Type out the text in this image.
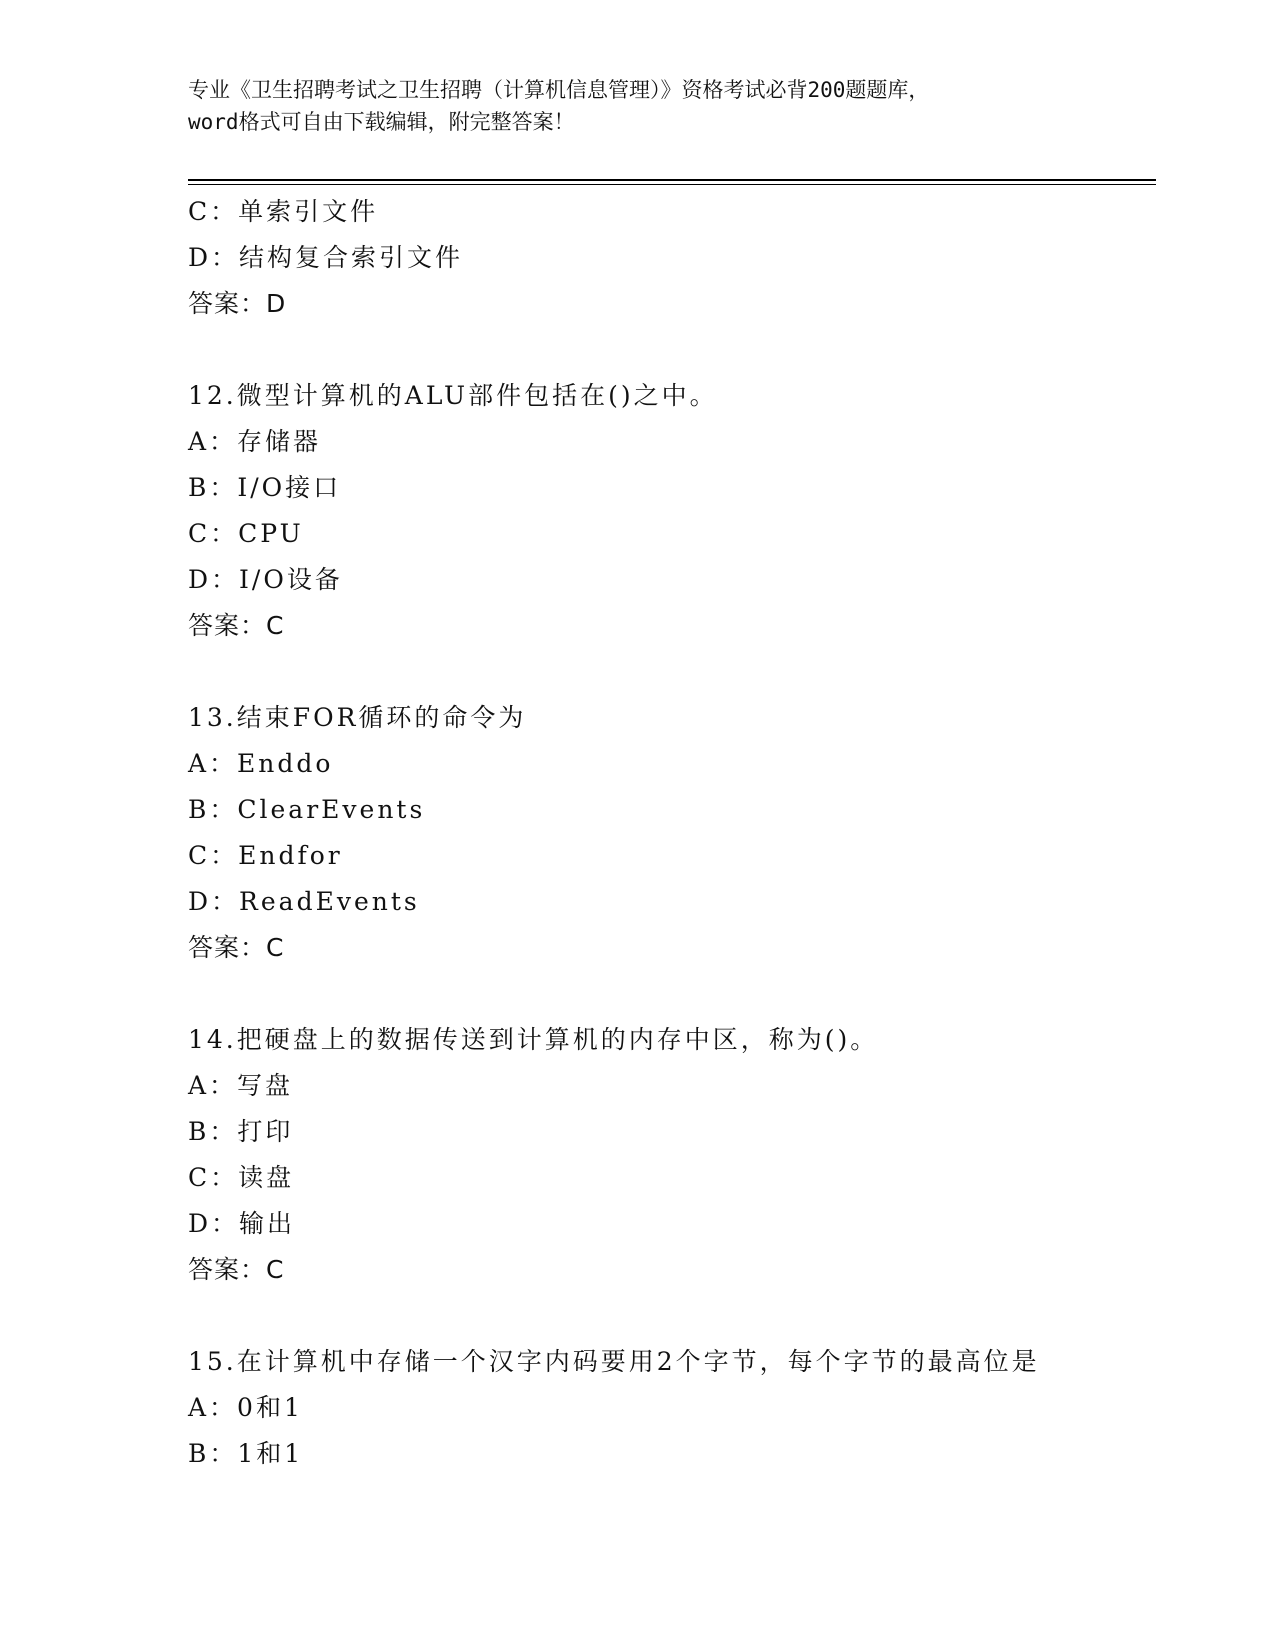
专业《卫生招聘考试之卫生招聘（计算机信息管理）》资格考试必背200题题库，
word格式可自由下载编辑，附完整答案！
C：单索引文件
D：结构复合索引文件
答案：D
12.微型计算机的ALU部件包括在()之中。
A：存储器
B：I/O接口
C：CPU
D：I/O设备
答案：C
13.结束FOR循环的命令为
A：Enddo
B：ClearEvents
C：Endfor
D：ReadEvents
答案：C
14.把硬盘上的数据传送到计算机的内存中区，称为()。
A：写盘
B：打印
C：读盘
D：输出
答案：C
15.在计算机中存储一个汉字内码要用2个字节，每个字节的最高位是
A：0和1
B：1和1
